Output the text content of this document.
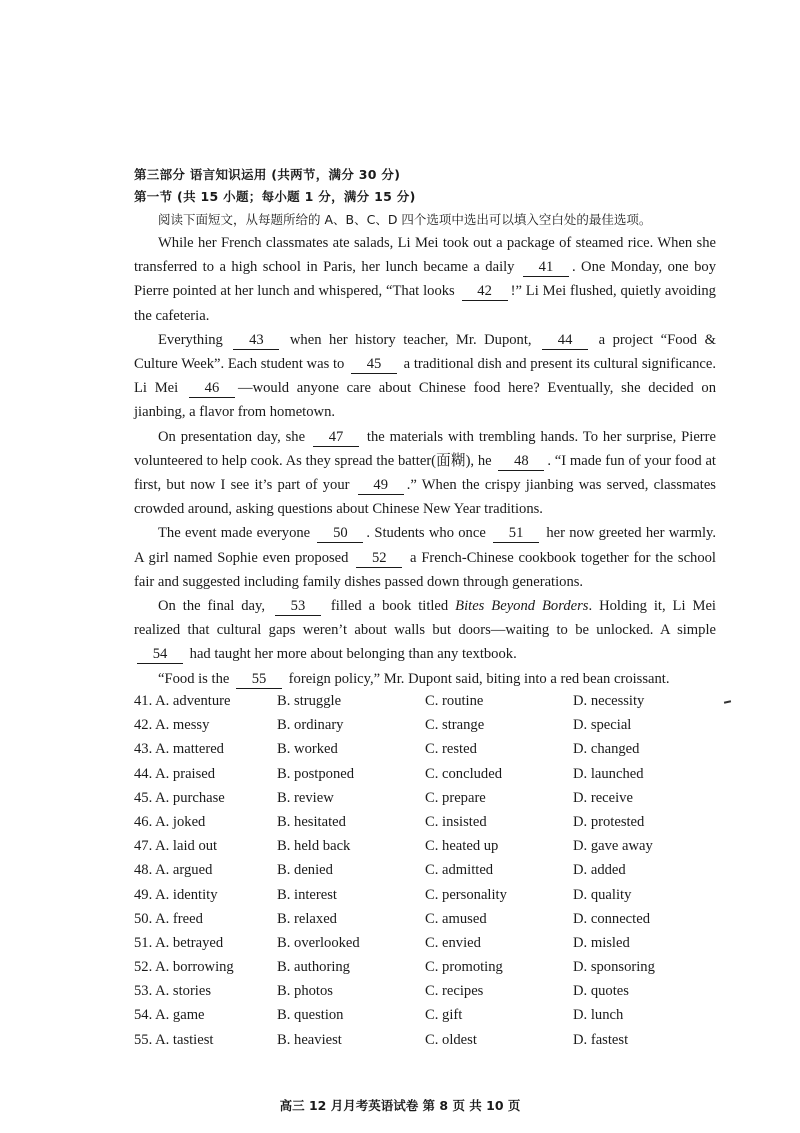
第三部分 语言知识运用 (共两节，满分 30 分)
第一节 (共 15 小题；每小题 1 分，满分 15 分)
阅读下面短文，从每题所给的 A、B、C、D 四个选项中选出可以填入空白处的最佳选项。

While her French classmates ate salads, Li Mei took out a package of steamed rice. When she transferred to a high school in Paris, her lunch became a daily 41 . One Monday, one boy Pierre pointed at her lunch and whispered, “That looks 42 !” Li Mei flushed, quietly avoiding the cafeteria.

Everything 43 when her history teacher, Mr. Dupont, 44 a project “Food & Culture Week”. Each student was to 45 a traditional dish and present its cultural significance. Li Mei 46 —would anyone care about Chinese food here? Eventually, she decided on jianbing, a flavor from hometown.

On presentation day, she 47 the materials with trembling hands. To her surprise, Pierre volunteered to help cook. As they spread the batter(面糊), he 48 . “I made fun of your food at first, but now I see it’s part of your 49 .” When the crispy jianbing was served, classmates crowded around, asking questions about Chinese New Year traditions.

The event made everyone 50 . Students who once 51 her now greeted her warmly. A girl named Sophie even proposed 52 a French-Chinese cookbook together for the school fair and suggested including family dishes passed down through generations.

On the final day, 53 filled a book titled Bites Beyond Borders. Holding it, Li Mei realized that cultural gaps weren’t about walls but doors—waiting to be unlocked. A simple 54 had taught her more about belonging than any textbook.

“Food is the 55 foreign policy,” Mr. Dupont said, biting into a red bean croissant.

41. A. adventure	B. struggle	C. routine	D. necessity
42. A. messy	B. ordinary	C. strange	D. special
43. A. mattered	B. worked	C. rested	D. changed
44. A. praised	B. postponed	C. concluded	D. launched
45. A. purchase	B. review	C. prepare	D. receive
46. A. joked	B. hesitated	C. insisted	D. protested
47. A. laid out	B. held back	C. heated up	D. gave away
48. A. argued	B. denied	C. admitted	D. added
49. A. identity	B. interest	C. personality	D. quality
50. A. freed	B. relaxed	C. amused	D. connected
51. A. betrayed	B. overlooked	C. envied	D. misled
52. A. borrowing	B. authoring	C. promoting	D. sponsoring
53. A. stories	B. photos	C. recipes	D. quotes
54. A. game	B. question	C. gift	D. lunch
55. A. tastiest	B. heaviest	C. oldest	D. fastest
高三 12 月月考英语试卷 第 8 页 共 10 页
